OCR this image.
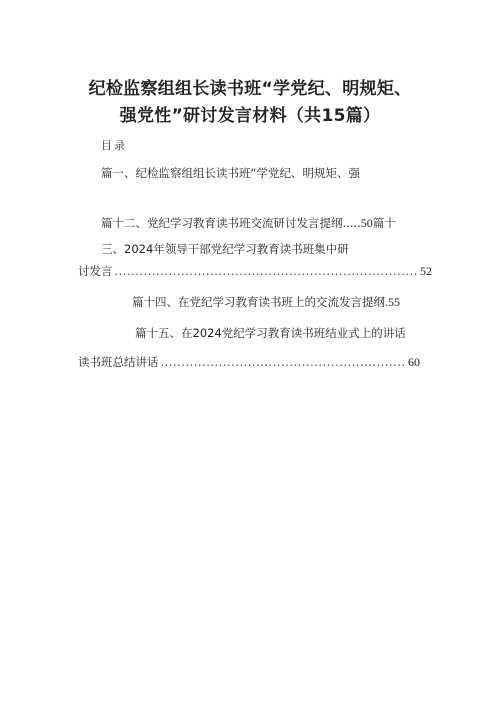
纪检监察组组长读书班“学党纪、明规矩、
强党性”研讨发言材料（共15篇）
目录
篇一、纪检监察组组长读书班“学党纪、明规矩、强
篇十二、党纪学习教育读书班交流研讨发言提纲.....50篇十
三、2024年领导干部党纪学习教育读书班集中研
讨发言 .....	52
篇十四、在党纪学习教育读书班上的交流发言提纲.55
篇十五、在2024党纪学习教育读书班结业式上的讲话
读书班总结讲话 .....	60
